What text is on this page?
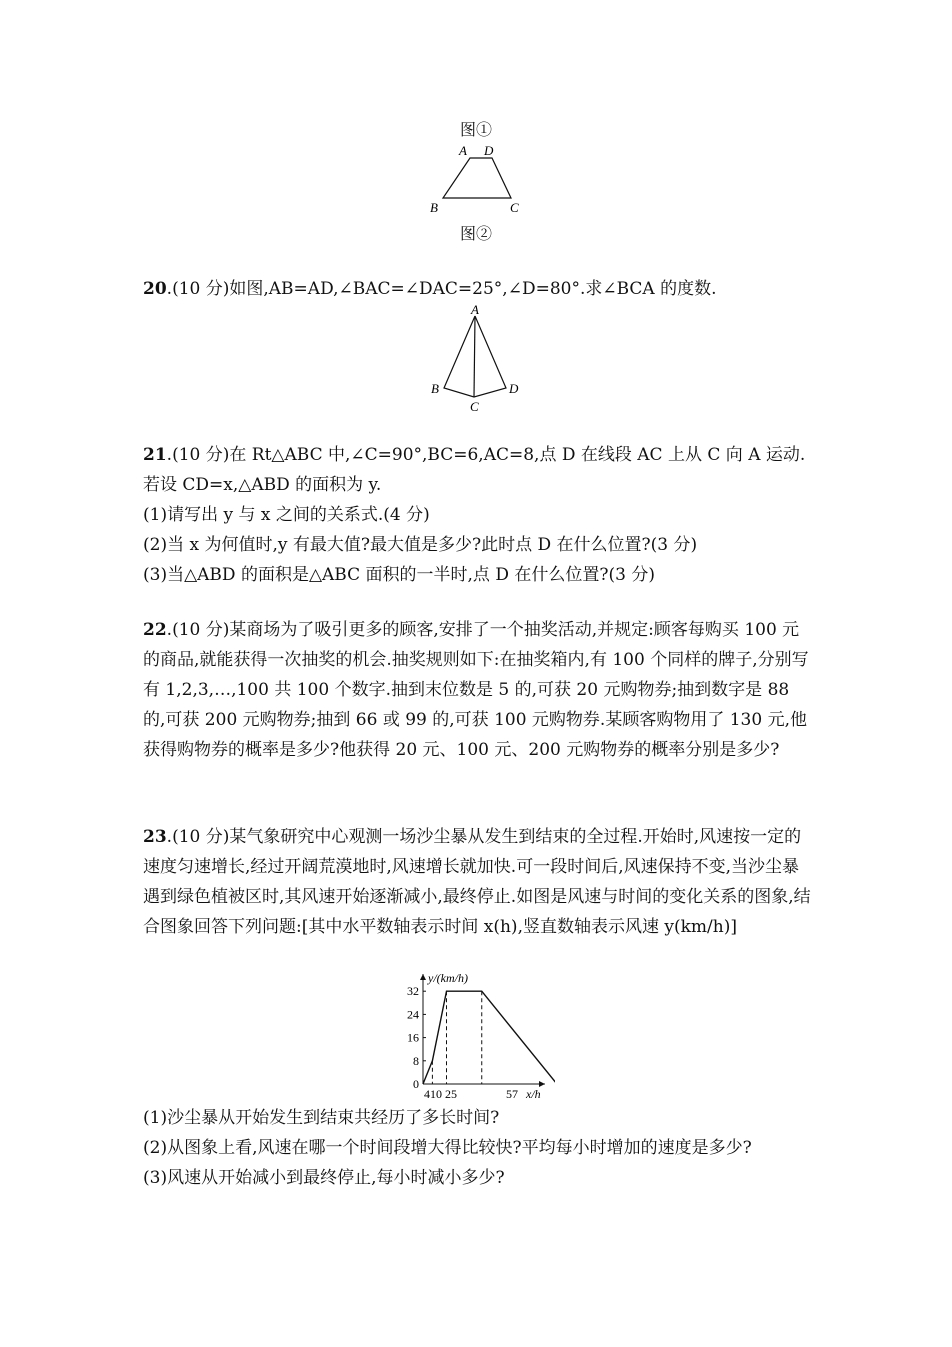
图①
A D
B	C
图②

20.(10 分)如图,AB=AD,∠BAC=∠DAC=25°,∠D=80°.求∠BCA 的度数.

A
B
C
D

21.(10 分)在 Rt△ABC 中,∠C=90°,BC=6,AC=8,点 D 在线段 AC 上从 C 向 A 运动.若设 CD=x,△ABD 的面积为 y.

(1)请写出 y 与 x 之间的关系式.(4 分)

(2)当 x 为何值时,y 有最大值?最大值是多少?此时点 D 在什么位置?(3 分)

(3)当△ABD 的面积是△ABC 面积的一半时,点 D 在什么位置?(3 分)

22.(10 分)某商场为了吸引更多的顾客,安排了一个抽奖活动,并规定:顾客每购买 100 元的商品,就能获得一次抽奖的机会.抽奖规则如下:在抽奖箱内,有 100 个同样的牌子,分别写有 1,2,3,…,100 共 100 个数字.抽到末位数是 5 的,可获 20 元购物券;抽到数字是 88 的,可获 200 元购物券;抽到 66 或 99 的,可获 100 元购物券.某顾客购物用了 130 元,他获得购物券的概率是多少?他获得 20 元、100 元、200 元购物券的概率分别是多少?

23.(10 分)某气象研究中心观测一场沙尘暴从发生到结束的全过程.开始时,风速按一定的速度匀速增长,经过开阔荒漠地时,风速增长就加快.可一段时间后,风速保持不变,当沙尘暴遇到绿色植被区时,其风速开始逐渐减小,最终停止.如图是风速与时间的变化关系的图象,结合图象回答下列问题:[其中水平数轴表示时间 x(h),竖直数轴表示风速 y(km/h)]

y/(km/h)
x/h
410 25	57
0
8
16
24
32

(1)沙尘暴从开始发生到结束共经历了多长时间?

(2)从图象上看,风速在哪一个时间段增大得比较快?平均每小时增加的速度是多少?

(3)风速从开始减小到最终停止,每小时减小多少?
